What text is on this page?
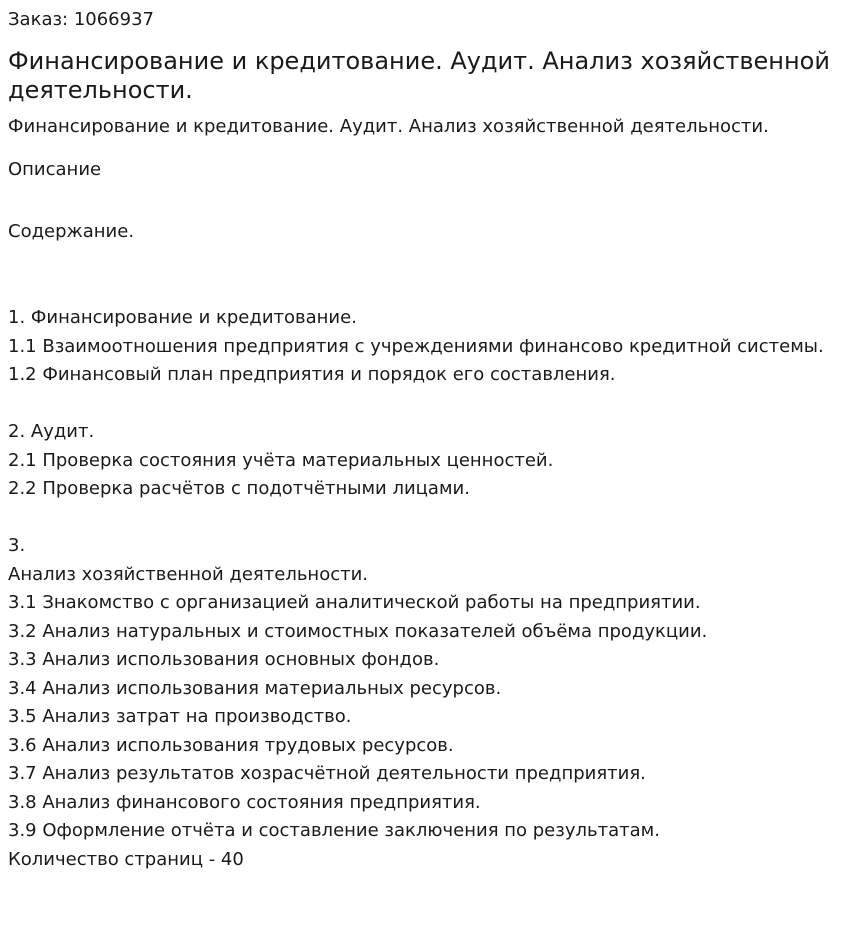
Заказ: 1066937
Финансирование и кредитование. Аудит. Анализ хозяйственной деятельности.
Финансирование и кредитование. Аудит. Анализ хозяйственной деятельности.
Описание
Содержание.
1. Финансирование и кредитование.
1.1 Взаимоотношения предприятия с учреждениями финансово кредитной системы.
1.2 Финансовый план предприятия и порядок его составления.
2. Аудит.
2.1 Проверка состояния учёта материальных ценностей.
2.2 Проверка расчётов с подотчётными лицами.
3.
Анализ хозяйственной деятельности.
3.1 Знакомство с организацией аналитической работы на предприятии.
3.2 Анализ натуральных и стоимостных показателей объёма продукции.
3.3 Анализ использования основных фондов.
3.4 Анализ использования материальных ресурсов.
3.5 Анализ затрат на производство.
3.6 Анализ использования трудовых ресурсов.
3.7 Анализ результатов хозрасчётной деятельности предприятия.
3.8 Анализ финансового состояния предприятия.
3.9 Оформление отчёта и составление заключения по результатам.
Количество страниц - 40
